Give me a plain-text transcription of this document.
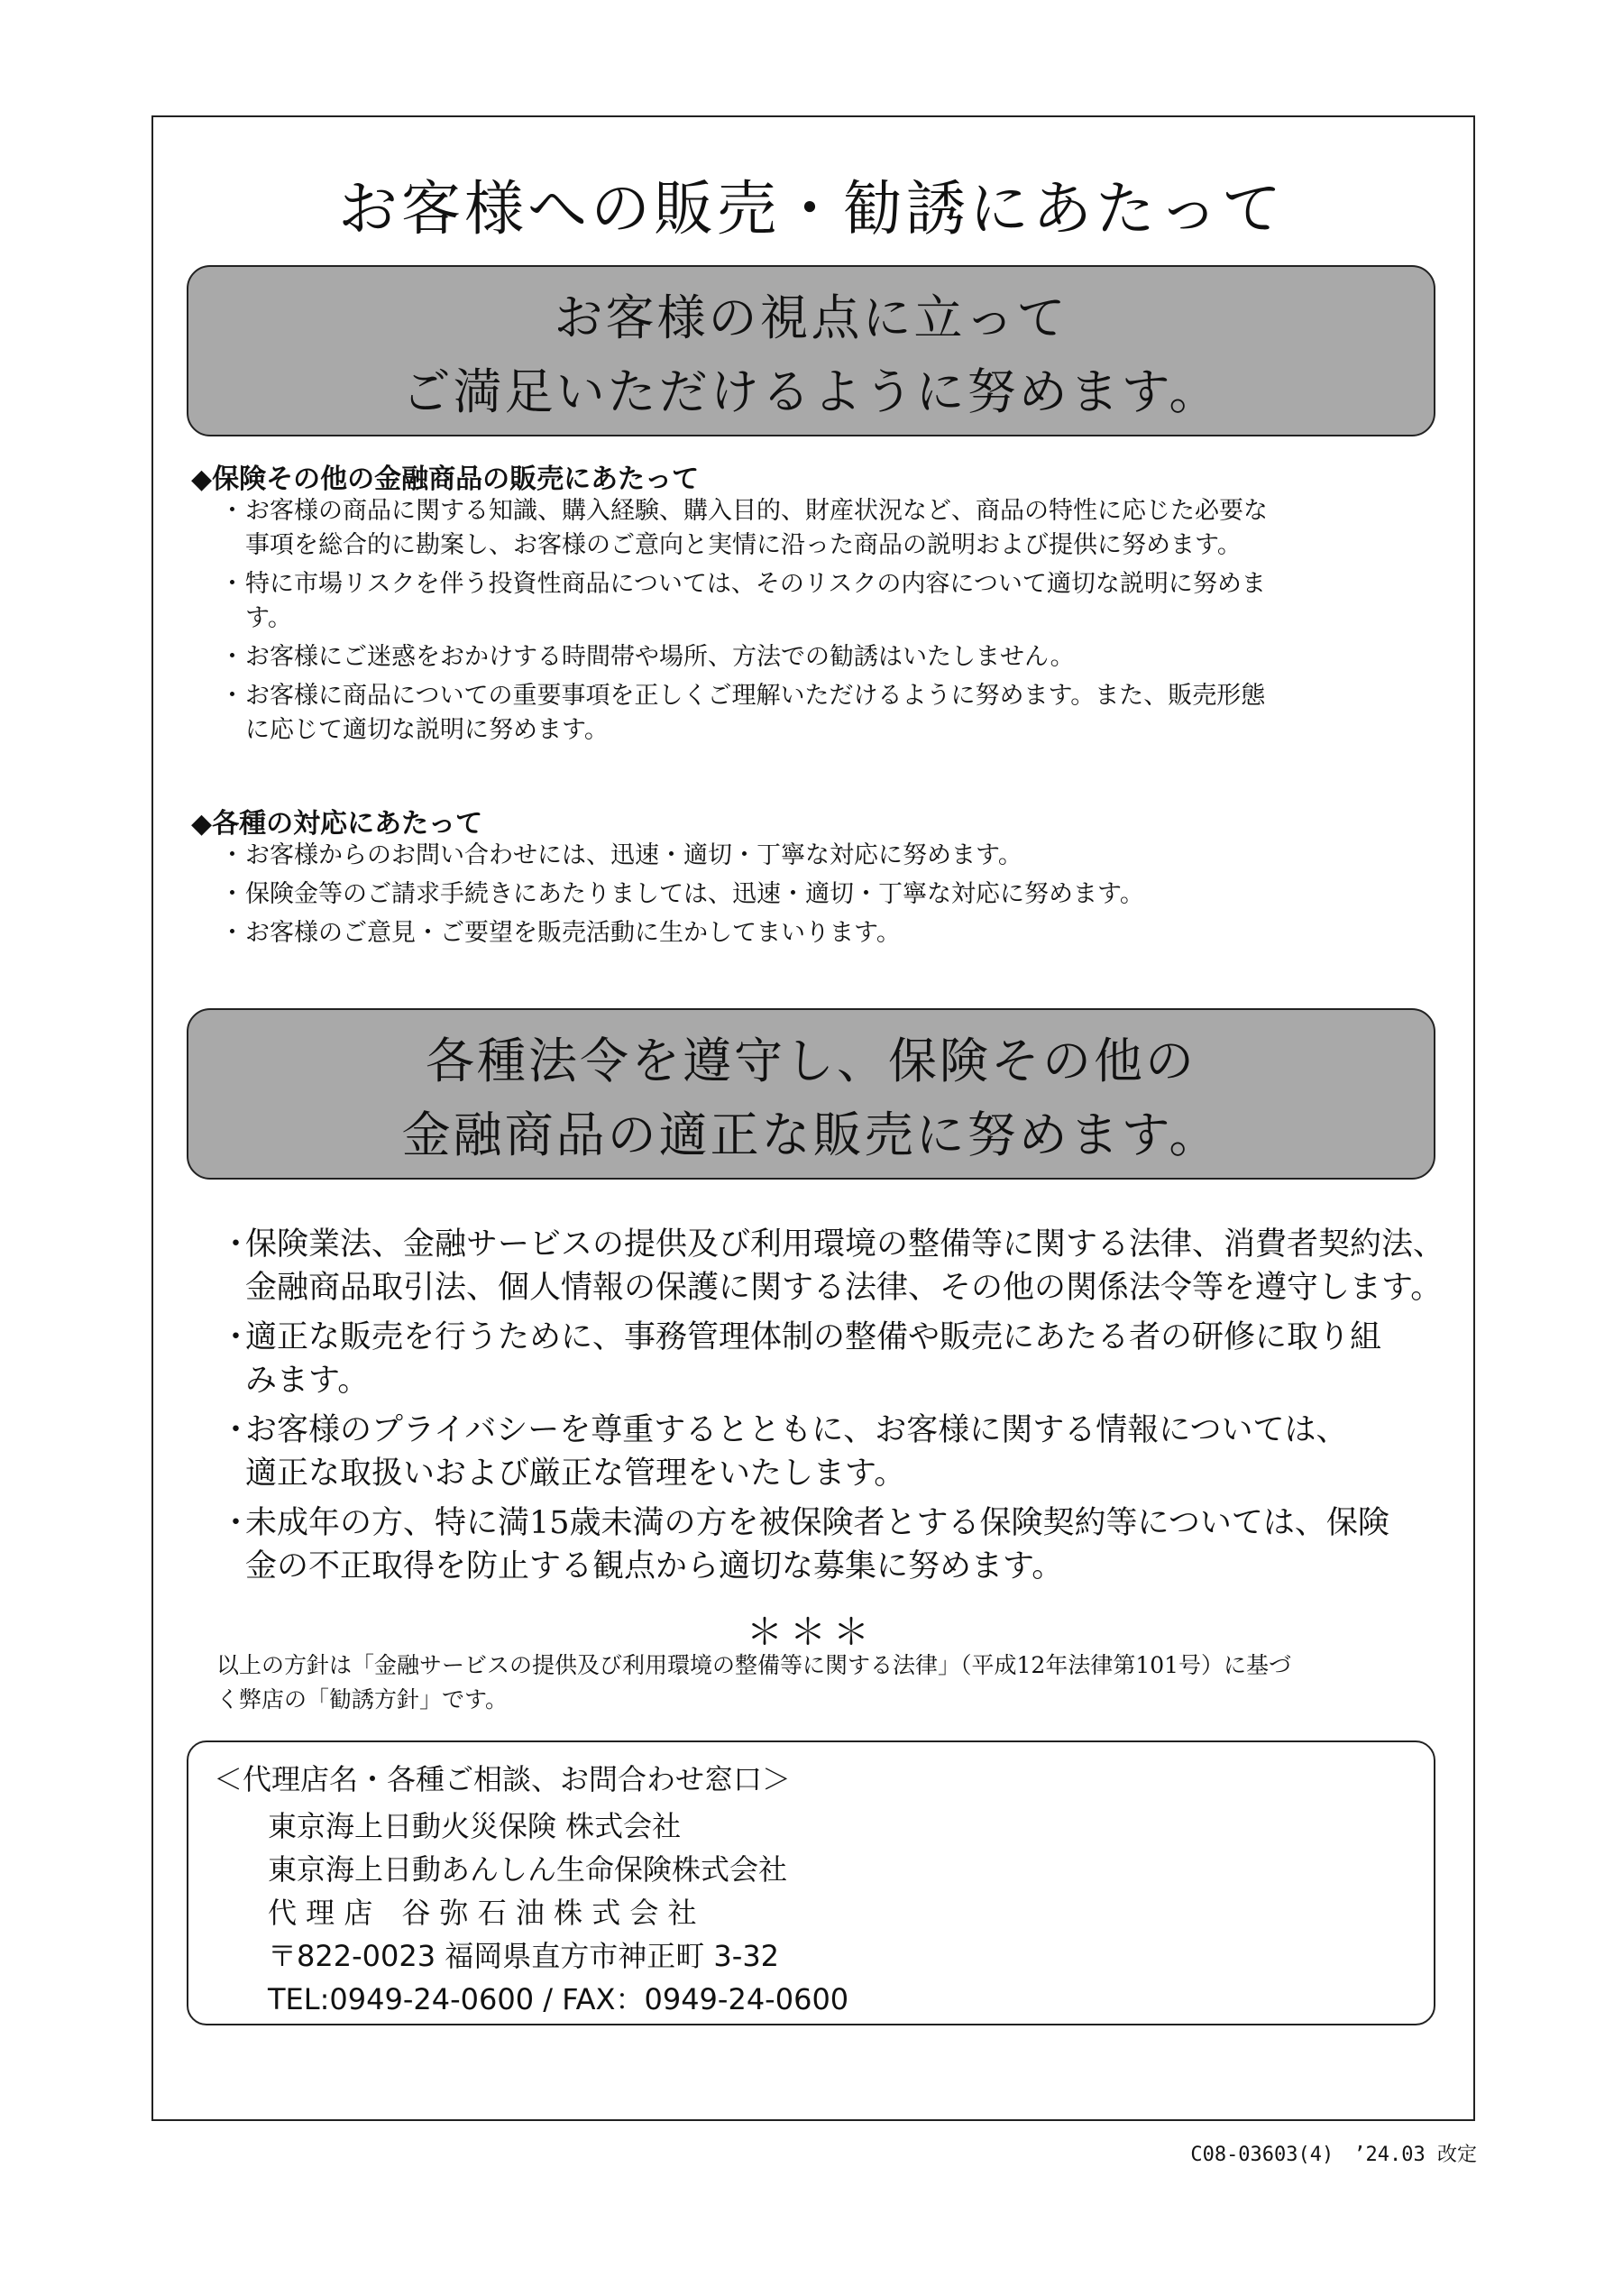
お客様への販売・勧誘にあたって
お客様の視点に立って
ご満足いただけるように努めます。
◆保険その他の金融商品の販売にあたって
・ お客様の商品に関する知識、購入経験、購入目的、財産状況など、商品の特性に応じた必要な
事項を総合的に勘案し、お客様のご意向と実情に沿った商品の説明および提供に努めます。
・ 特に市場リスクを伴う投資性商品については、そのリスクの内容について適切な説明に努めま
す。
・ お客様にご迷惑をおかけする時間帯や場所、方法での勧誘はいたしません。
・ お客様に商品についての重要事項を正しくご理解いただけるように努めます。また、販売形態
に応じて適切な説明に努めます。
◆各種の対応にあたって
・ お客様からのお問い合わせには、迅速・適切・丁寧な対応に努めます。
・ 保険金等のご請求手続きにあたりましては、迅速・適切・丁寧な対応に努めます。
・ お客様のご意見・ご要望を販売活動に生かしてまいります。
各種法令を遵守し、保険その他の
金融商品の適正な販売に努めます。
・
保険業法、金融サービスの提供及び利用環境の整備等に関する法律、消費者契約法、
金融商品取引法、個人情報の保護に関する法律、その他の関係法令等を遵守します。
・
適正な販売を行うために、事務管理体制の整備や販売にあたる者の研修に取り組
みます。
・
お客様のプライバシーを尊重するとともに、お客様に関する情報については、
適正な取扱いおよび厳正な管理をいたします。
・
未成年の方、特に満15歳未満の方を被保険者とする保険契約等については、保険
金の不正取得を防止する観点から適切な募集に努めます。
＊＊＊
以上の方針は「金融サービスの提供及び利用環境の整備等に関する法律」（平成12年法律第101号）に基づ
く弊店の「勧誘方針」です。
＜代理店名・各種ご相談、お問合わせ窓口＞
東京海上日動火災保険 株式会社
東京海上日動あんしん生命保険株式会社
代 理 店　谷 弥 石 油 株 式 会 社
〒822-0023 福岡県直方市神正町 3-32
TEL:0949-24-0600 / FAX：0949-24-0600
C08-03603(4)　’24.03 改定
